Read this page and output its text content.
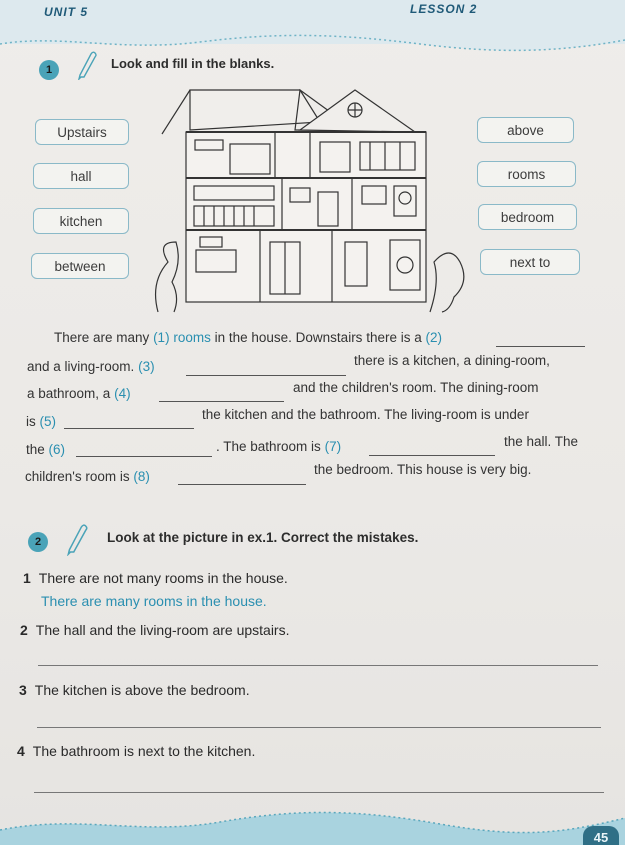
UNIT 5	LESSON 2
1	Look and fill in the blanks.
Upstairs
hall
kitchen
between
above
rooms
bedroom
next to
There are many (1) rooms in the house. Downstairs there is a (2)
and a living-room. (3)	there is a kitchen, a dining-room,
a bathroom, a (4)	and the children's room. The dining-room
is (5)	the kitchen and the bathroom. The living-room is under
the (6)	. The bathroom is (7)	the hall. The
children's room is (8)	the bedroom. This house is very big.
2	Look at the picture in ex.1. Correct the mistakes.
1 There are not many rooms in the house.
There are many rooms in the house.
2 The hall and the living-room are upstairs.
3 The kitchen is above the bedroom.
4 The bathroom is next to the kitchen.
45
